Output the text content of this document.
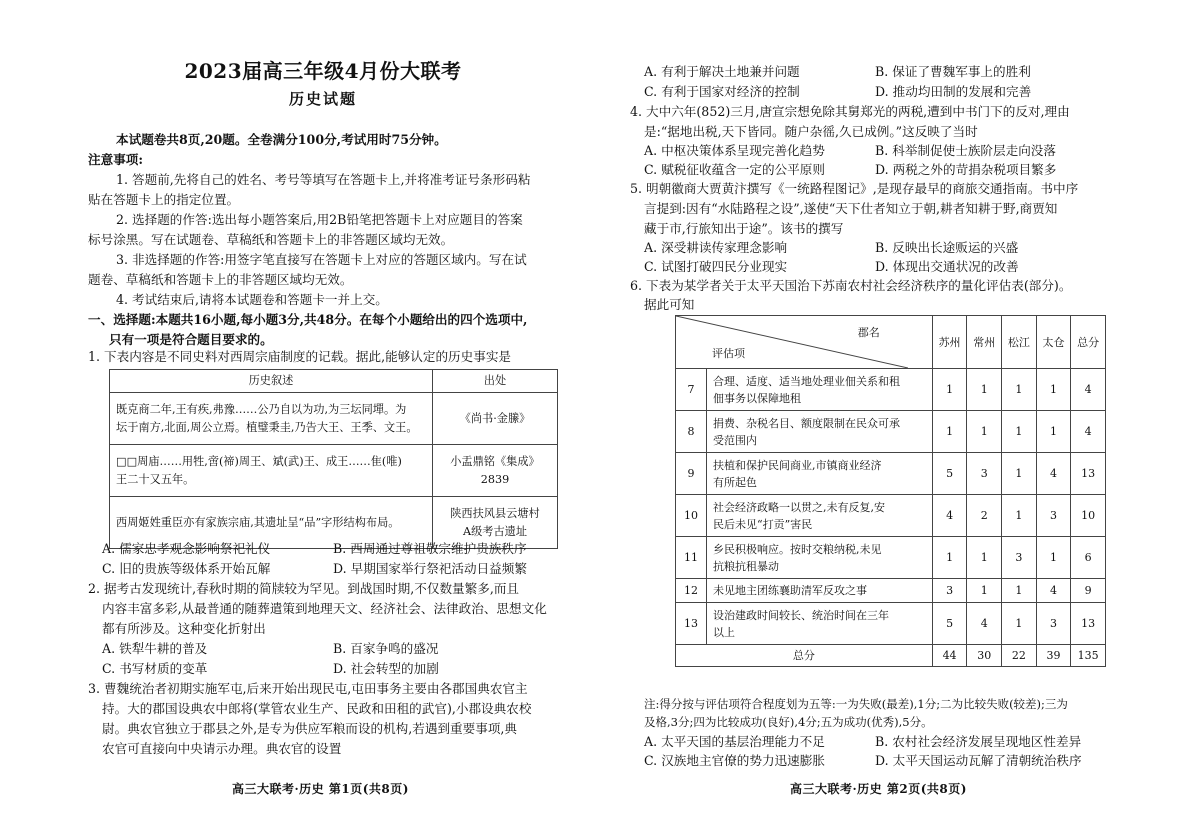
2023届高三年级4月份大联考
历史试题
本试题卷共8页,20题。全卷满分100分,考试用时75分钟。
注意事项:
1. 答题前,先将自己的姓名、考号等填写在答题卡上,并将准考证号条形码粘
贴在答题卡上的指定位置。
2. 选择题的作答:选出每小题答案后,用2B铅笔把答题卡上对应题目的答案
标号涂黑。写在试题卷、草稿纸和答题卡上的非答题区域均无效。
3. 非选择题的作答:用签字笔直接写在答题卡上对应的答题区域内。写在试
题卷、草稿纸和答题卡上的非答题区域均无效。
4. 考试结束后,请将本试题卷和答题卡一并上交。
一、选择题:本题共16小题,每小题3分,共48分。在每个小题给出的四个选项中,
只有一项是符合题目要求的。
1. 下表内容是不同史料对西周宗庙制度的记载。据此,能够认定的历史事实是
历史叙述	出处
既克商二年,王有疾,弗豫……公乃自以为功,为三坛同墠。为
坛于南方,北面,周公立焉。植璧秉圭,乃告大王、王季、文王。	《尚书·金縢》
□□周庙……用牲,啻(禘)周王、斌(武)王、成王……隹(唯)
王二十又五年。	小盂鼎铭《集成》2839
西周姬姓重臣亦有家族宗庙,其遗址呈“品”字形结构布局。	陕西扶风县云塘村
A级考古遗址
A. 儒家忠孝观念影响祭祀礼仪	B. 西周通过尊祖敬宗维护贵族秩序
C. 旧的贵族等级体系开始瓦解	D. 早期国家举行祭祀活动日益频繁
2. 据考古发现统计,春秋时期的简牍较为罕见。到战国时期,不仅数量繁多,而且
内容丰富多彩,从最普通的随葬遣策到地理天文、经济社会、法律政治、思想文化
都有所涉及。这种变化折射出
A. 铁犁牛耕的普及	B. 百家争鸣的盛况
C. 书写材质的变革	D. 社会转型的加剧
3. 曹魏统治者初期实施军屯,后来开始出现民屯,屯田事务主要由各郡国典农官主
持。大的郡国设典农中郎将(掌管农业生产、民政和田租的武官),小郡设典农校
尉。典农官独立于郡县之外,是专为供应军粮而设的机构,若遇到重要事项,典
农官可直接向中央请示办理。典农官的设置
高三大联考·历史 第1页(共8页)
A. 有利于解决土地兼并问题	B. 保证了曹魏军事上的胜利
C. 有利于国家对经济的控制	D. 推动均田制的发展和完善
4. 大中六年(852)三月,唐宣宗想免除其舅郑光的两税,遭到中书门下的反对,理由
是:“据地出税,天下皆同。随户杂徭,久已成例。”这反映了当时
A. 中枢决策体系呈现完善化趋势	B. 科举制促使士族阶层走向没落
C. 赋税征收蕴含一定的公平原则	D. 两税之外的苛捐杂税项目繁多
5. 明朝徽商大贾黄汴撰写《一统路程图记》,是现存最早的商旅交通指南。书中序
言提到:因有“水陆路程之设”,遂使“天下仕者知立于朝,耕者知耕于野,商贾知
藏于市,行旅知出于途”。该书的撰写
A. 深受耕读传家理念影响	B. 反映出长途贩运的兴盛
C. 试图打破四民分业现实	D. 体现出交通状况的改善
6. 下表为某学者关于太平天国治下苏南农村社会经济秩序的量化评估表(部分)。
据此可知
郡名
评估项		苏州	常州	松江	太仓	总分
7	合理、适度、适当地处理业佃关系和租
佃事务以保障地租	1	1	1	1	4
8	捐费、杂税名目、额度限制在民众可承
受范围内	1	1	1	1	4
9	扶植和保护民间商业,市镇商业经济
有所起色	5	3	1	4	13
10	社会经济政略一以贯之,未有反复,安
民后未见“打贡”害民	4	2	1	3	10
11	乡民积极响应。按时交粮纳税,未见
抗粮抗租暴动	1	1	3	1	6
12	未见地主团练襄助清军反攻之事	3	1	1	4	9
13	设治建政时间较长、统治时间在三年
以上	5	4	1	3	13
总分		44	30	22	39	135
注:得分按与评估项符合程度划为五等:一为失败(最差),1分;二为比较失败(较差);三为
及格,3分;四为比较成功(良好),4分;五为成功(优秀),5分。
A. 太平天国的基层治理能力不足	B. 农村社会经济发展呈现地区性差异
C. 汉族地主官僚的势力迅速膨胀	D. 太平天国运动瓦解了清朝统治秩序
高三大联考·历史 第2页(共8页)
